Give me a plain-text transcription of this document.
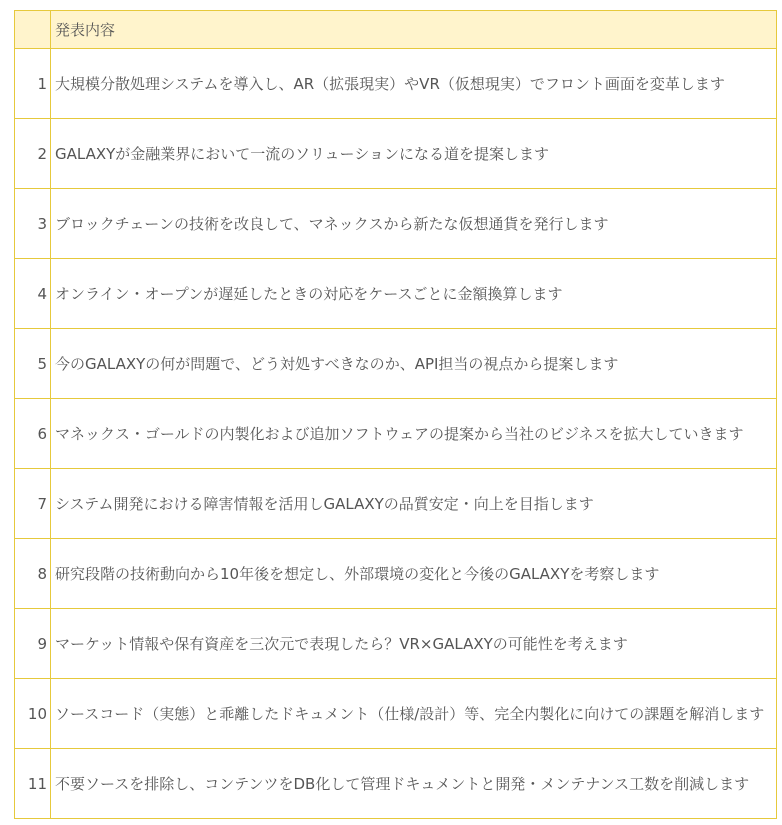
	発表内容
1	大規模分散処理システムを導入し、AR（拡張現実）やVR（仮想現実）でフロント画面を変革します
2	GALAXYが金融業界において一流のソリューションになる道を提案します
3	ブロックチェーンの技術を改良して、マネックスから新たな仮想通貨を発行します
4	オンライン・オープンが遅延したときの対応をケースごとに金額換算します
5	今のGALAXYの何が問題で、どう対処すべきなのか、API担当の視点から提案します
6	マネックス・ゴールドの内製化および追加ソフトウェアの提案から当社のビジネスを拡大していきます
7	システム開発における障害情報を活用しGALAXYの品質安定・向上を目指します
8	研究段階の技術動向から10年後を想定し、外部環境の変化と今後のGALAXYを考察します
9	マーケット情報や保有資産を三次元で表現したら？VR×GALAXYの可能性を考えます
10	ソースコード（実態）と乖離したドキュメント（仕様/設計）等、完全内製化に向けての課題を解消します
11	不要ソースを排除し、コンテンツをDB化して管理ドキュメントと開発・メンテナンス工数を削減します
